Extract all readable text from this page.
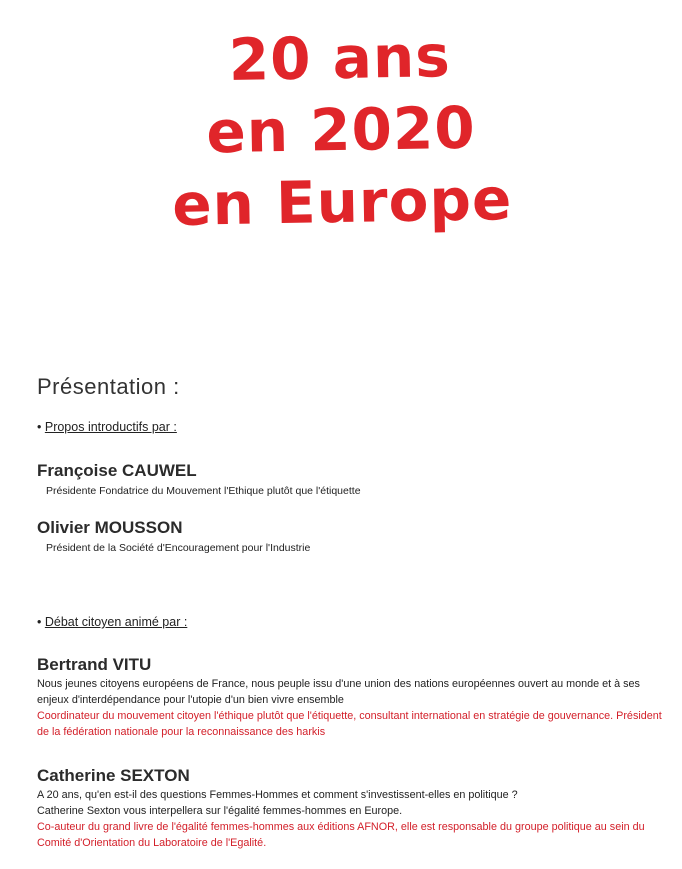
20 ans
en 2020
en Europe
Présentation :
• Propos introductifs par :
Françoise CAUWEL
Présidente Fondatrice du Mouvement l'Ethique plutôt que l'étiquette
Olivier MOUSSON
Président de la Société d'Encouragement pour l'Industrie
• Débat citoyen animé par :
Bertrand VITU
Nous jeunes citoyens européens de France, nous peuple issu d'une union des nations européennes ouvert au monde et à ses enjeux d'interdépendance pour l'utopie d'un bien vivre ensemble
Coordinateur du mouvement citoyen l'éthique plutôt que l'étiquette, consultant international en stratégie de gouvernance. Président de la fédération nationale pour la reconnaissance des harkis
Catherine SEXTON
A 20 ans, qu'en est-il des questions Femmes-Hommes et comment s'investissent-elles en politique ?
Catherine Sexton vous interpellera sur l'égalité femmes-hommes en Europe.
Co-auteur du grand livre de l'égalité femmes-hommes aux éditions AFNOR, elle est responsable du groupe politique au sein du Comité d'Orientation du Laboratoire de l'Egalité.
